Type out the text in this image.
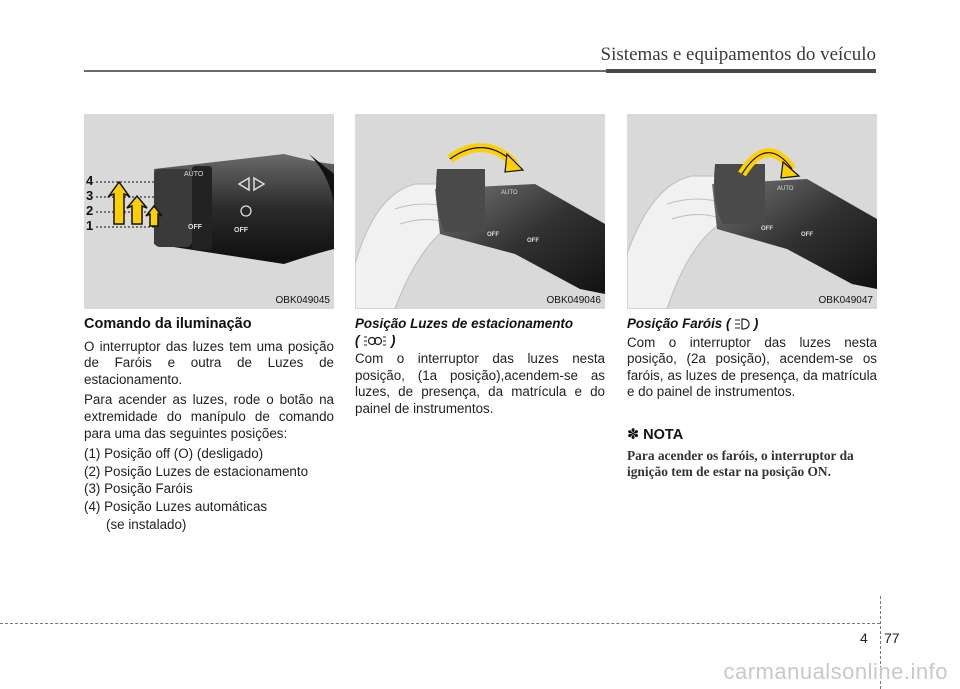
Sistemas e equipamentos do veículo
AUTO
OFF	OFF
4
3
2
1
OBK049045
AUTO
OFF
OFF
OBK049046
AUTO
OFF
OFF
OBK049047
Comando da iluminação

O interruptor das luzes tem uma posição de Faróis e outra de Luzes de estacionamento.

Para acender as luzes, rode o botão na extremidade do manípulo de comando para uma das seguintes posições:

(1) Posição off (O) (desligado)

(2) Posição Luzes de estacionamento

(3) Posição Faróis

(4) Posição Luzes automáticas

(se instalado)

Posição Luzes de estacionamento
( )

Com o interruptor das luzes nesta posição, (1a posição),acendem-se as luzes, de presença, da matrícula e do painel de instrumentos.

Posição Faróis ( )

Com o interruptor das luzes nesta posição, (2a posição), acendem-se os faróis, as luzes de presença, da matrícula e do painel de instrumentos.

✽ NOTA
Para acender os faróis, o interruptor da ignição tem de estar na posição ON.
4 77
carmanualsonline.info
